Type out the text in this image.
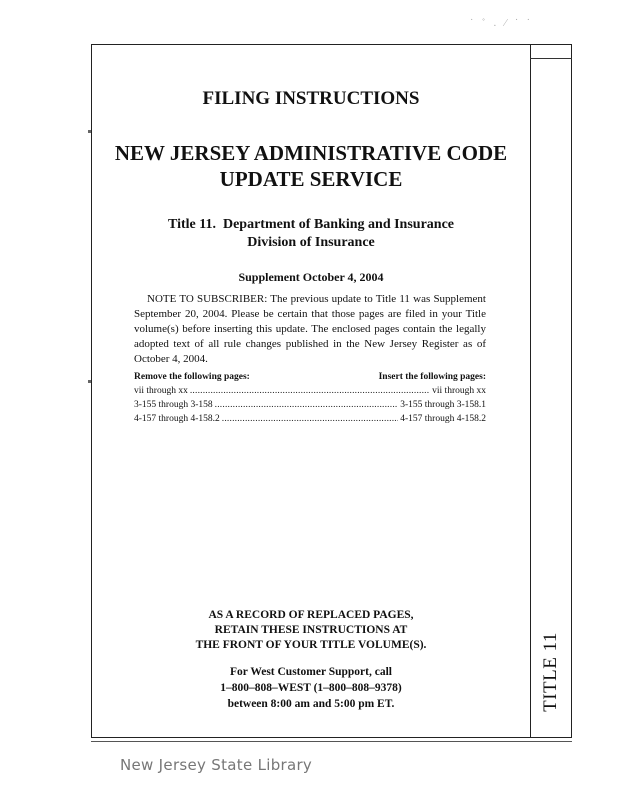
˙ ˚ . ⁄ ˙ ˙
FILING INSTRUCTIONS
NEW JERSEY ADMINISTRATIVE CODE
UPDATE SERVICE
Title 11.  Department of Banking and Insurance
Division of Insurance
Supplement October 4, 2004

NOTE TO SUBSCRIBER: The previous update to Title 11 was Supplement September 20, 2004. Please be certain that those pages are filed in your Title volume(s) before inserting this update. The enclosed pages contain the legally adopted text of all rule changes published in the New Jersey Register as of October 4, 2004.

Remove the following pages:	Insert the following pages:
vii through xx .....	vii through xx
3-155 through 3-158 .....	3-155 through 3-158.1
4-157 through 4-158.2 .....	4-157 through 4-158.2
AS A RECORD OF REPLACED PAGES,
RETAIN THESE INSTRUCTIONS AT
THE FRONT OF YOUR TITLE VOLUME(S).
For West Customer Support, call
1–800–808–WEST (1–800–808–9378)
between 8:00 am and 5:00 pm ET.	TITLE 11
New Jersey State Library
